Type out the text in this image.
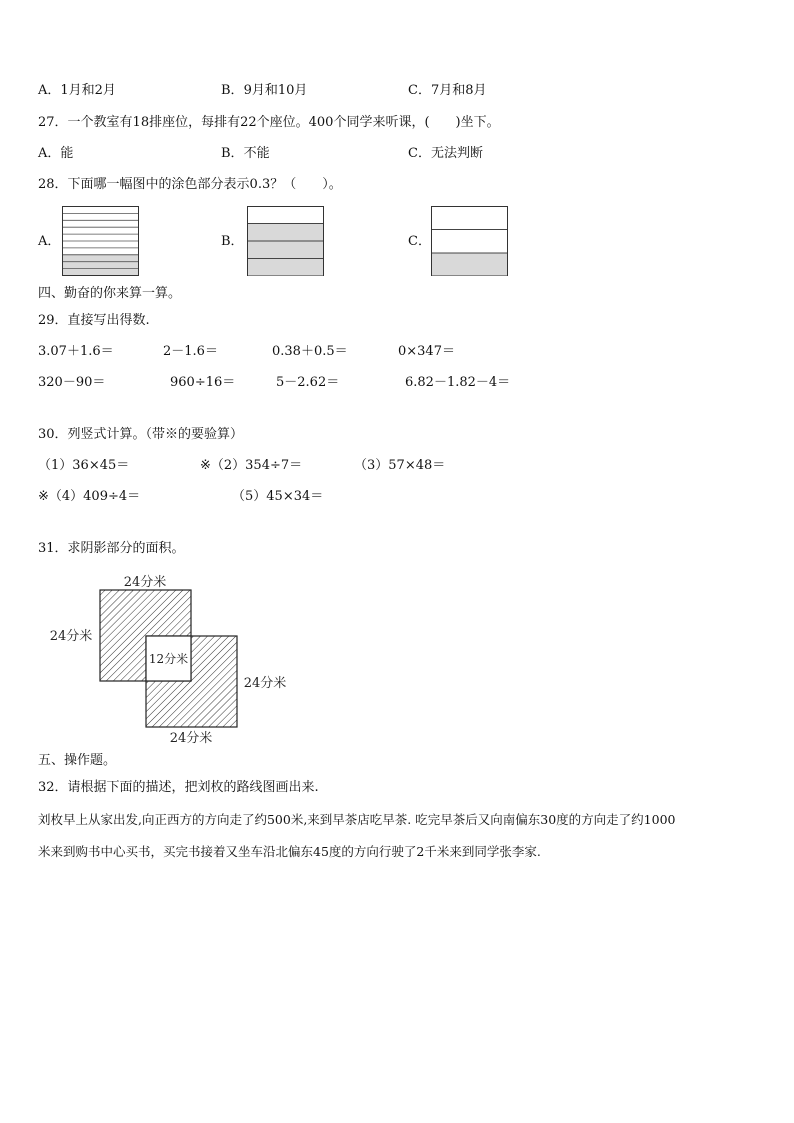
A．1月和2月	B．9月和10月	C．7月和8月
27．一个教室有18排座位，每排有22个座位。400个同学来听课，(　　)坐下。
A．能	B．不能	C．无法判断
28．下面哪一幅图中的涂色部分表示0.3？（　　）。
A．	B．	C．
四、勤奋的你来算一算。
29．直接写出得数.
3.07＋1.6＝	2－1.6＝	0.38＋0.5＝	0×347＝
320－90＝	960÷16＝	5－2.62＝	6.82－1.82－4＝
30．列竖式计算。（带※的要验算）
（1）36×45＝	※（2）354÷7＝	（3）57×48＝
※（4）409÷4＝	（5）45×34＝
31．求阴影部分的面积。
24分米
24分米
12分米
24分米
24分米
五、操作题。
32．请根据下面的描述，把刘枚的路线图画出来.
刘枚早上从家出发,向正西方的方向走了约500米,来到早茶店吃早茶. 吃完早茶后又向南偏东30度的方向走了约1000
米来到购书中心买书，买完书接着又坐车沿北偏东45度的方向行驶了2千米来到同学张李家.
